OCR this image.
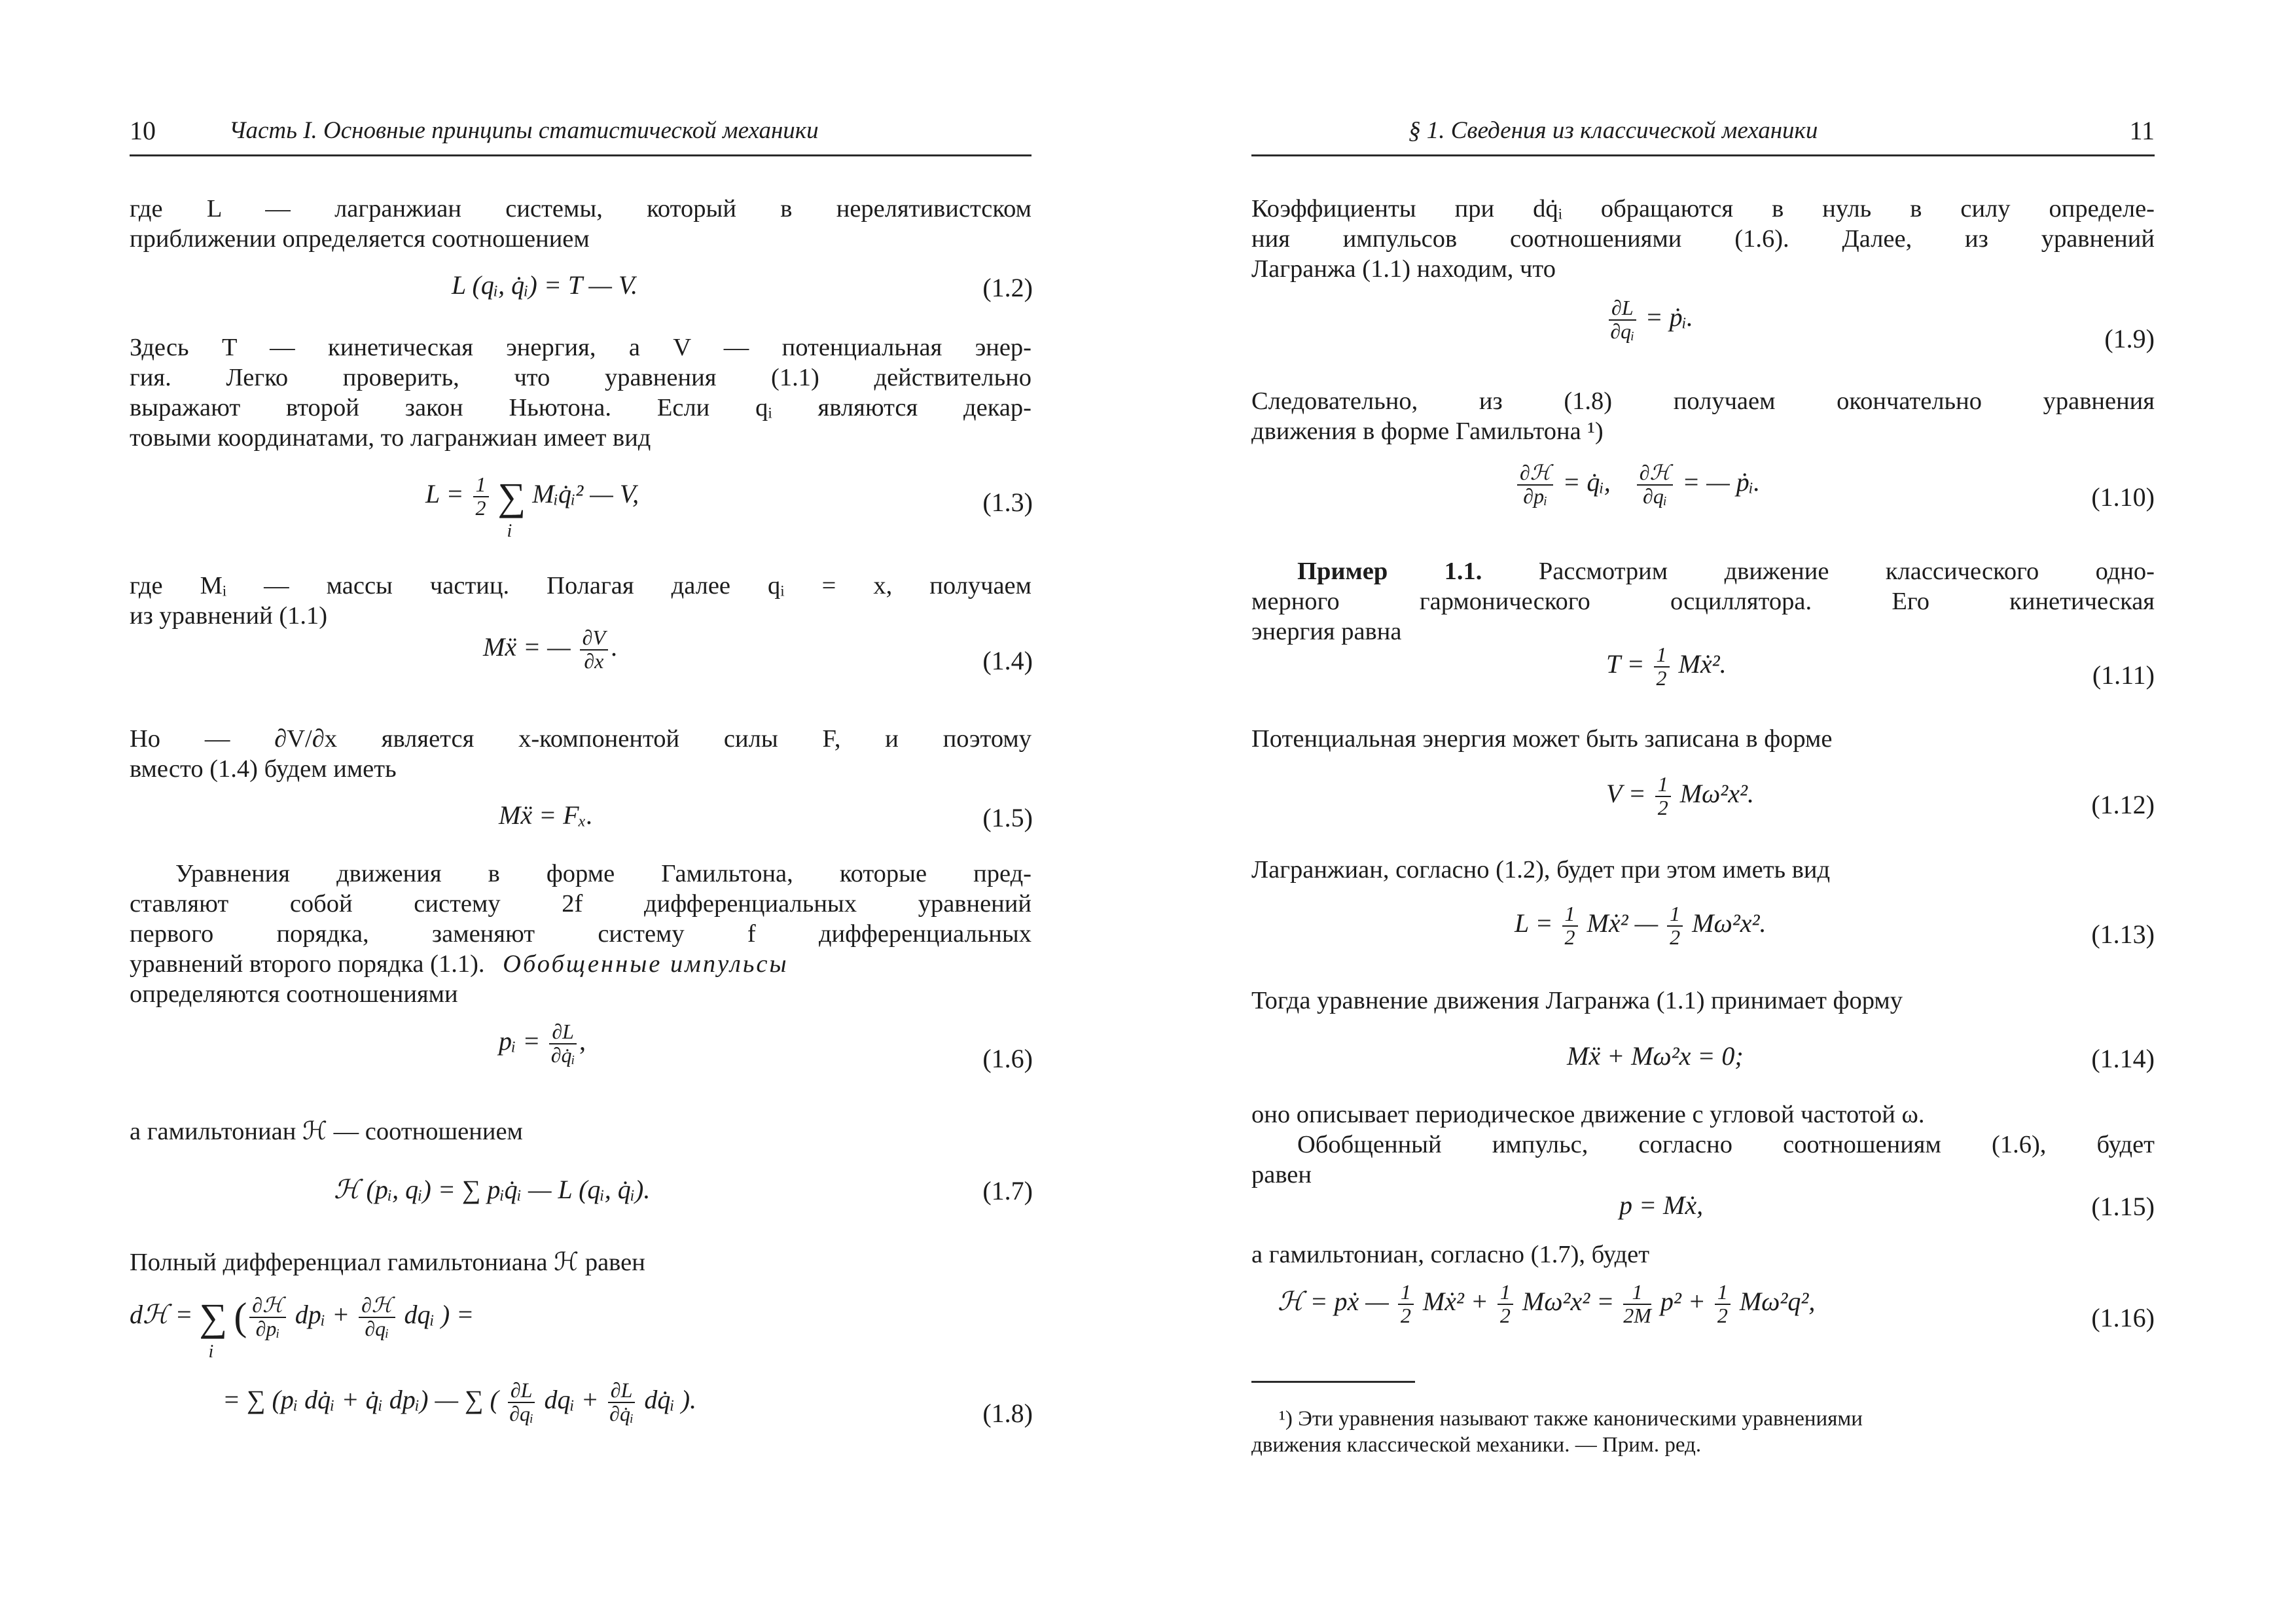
10	Часть I. Основные принципы статистической механики
где L — лагранжиан системы, который в нерелятивистском
приближении определяется соотношением
L (qᵢ, q̇ᵢ) = T — V.	(1.2)
Здесь T — кинетическая энергия, а V — потенциальная энер-
гия. Легко проверить, что уравнения (1.1) действительно
выражают второй закон Ньютона. Если qᵢ являются декар-
товыми координатами, то лагранжиан имеет вид
$L = \frac{1}{2}$ ∑
i
Mᵢq̇ᵢ² — V,	(1.3)
где Mᵢ — массы частиц. Полагая далее qᵢ = x, получаем
из уравнений (1.1)
Mẍ = — $\frac{\partial V}{\partial x}$ .	(1.4)
Но — ∂V/∂x является x-компонентой силы F, и поэтому
вместо (1.4) будем иметь
Mẍ = Fₓ.	(1.5)
Уравнения движения в форме Гамильтона, которые пред-
ставляют собой систему 2f дифференциальных уравнений
первого порядка, заменяют систему f дифференциальных
уравнений второго порядка (1.1). Обобщенные импульсы
определяются соотношениями
pᵢ = $\frac{\partial L}{\text{∂q̇ᵢ}}$ ,
(1.6)
а гамильтониан ℋ — соотношением
ℋ (pᵢ, qᵢ) = ∑ pᵢq̇ᵢ — L (qᵢ, q̇ᵢ).	(1.7)
Полный дифференциал гамильтониана ℋ равен
dℋ = ∑
i
( $\frac{\text{∂ℋ}}{\text{∂pᵢ}}$ dpᵢ + $\frac{\text{∂ℋ}}{\text{∂qᵢ}}$ dqᵢ ) =
= ∑ (pᵢ dq̇ᵢ + q̇ᵢ dpᵢ) — ∑ ( $\frac{\partial L}{\text{∂qᵢ}}$ dqᵢ + $\frac{\partial L}{\text{∂q̇ᵢ}}$ dq̇ᵢ ).	(1.8)
§ 1. Сведения из классической механики	11
Коэффициенты при dq̇ᵢ обращаются в нуль в силу определе-
ния импульсов соотношениями (1.6). Далее, из уравнений
Лагранжа (1.1) находим, что
$\frac{\partial L}{\text{∂qᵢ}}$ = ṗᵢ.
(1.9)
Следовательно, из (1.8) получаем окончательно уравнения
движения в форме Гамильтона ¹)
$\frac{\text{∂ℋ}}{\text{∂pᵢ}}$ = q̇ᵢ, $\frac{\text{∂ℋ}}{\text{∂qᵢ}}$ = — ṗᵢ.
(1.10)
Пример 1.1. Рассмотрим движение классического одно-
мерного гармонического осциллятора. Его кинетическая
энергия равна
$T = \frac{1}{2}$ Mẋ².	(1.11)
Потенциальная энергия может быть записана в форме
$V = \frac{1}{2} M\omega^2x^2$.	(1.12)
Лагранжиан, согласно (1.2), будет при этом иметь вид
$L = \frac{1}{2}$ Mẋ² — $\frac{1}{2} M\omega^2x^2$.	(1.13)
Тогда уравнение движения Лагранжа (1.1) принимает форму
Mẍ + Mω²x = 0;	(1.14)
оно описывает периодическое движение с угловой частотой ω.
Обобщенный импульс, согласно соотношениям (1.6), будет
равен
p = Mẋ,	(1.15)
а гамильтониан, согласно (1.7), будет
ℋ = pẋ — $\frac{1}{2}$ Mẋ² + $\frac{1}{2} M\omega^2x^2 = \frac{1}{2M} p^2 + \frac{1}{2} M\omega^2q^2$,
(1.16)
¹) Эти уравнения называют также каноническими уравнениями
движения классической механики. — Прим. ред.
